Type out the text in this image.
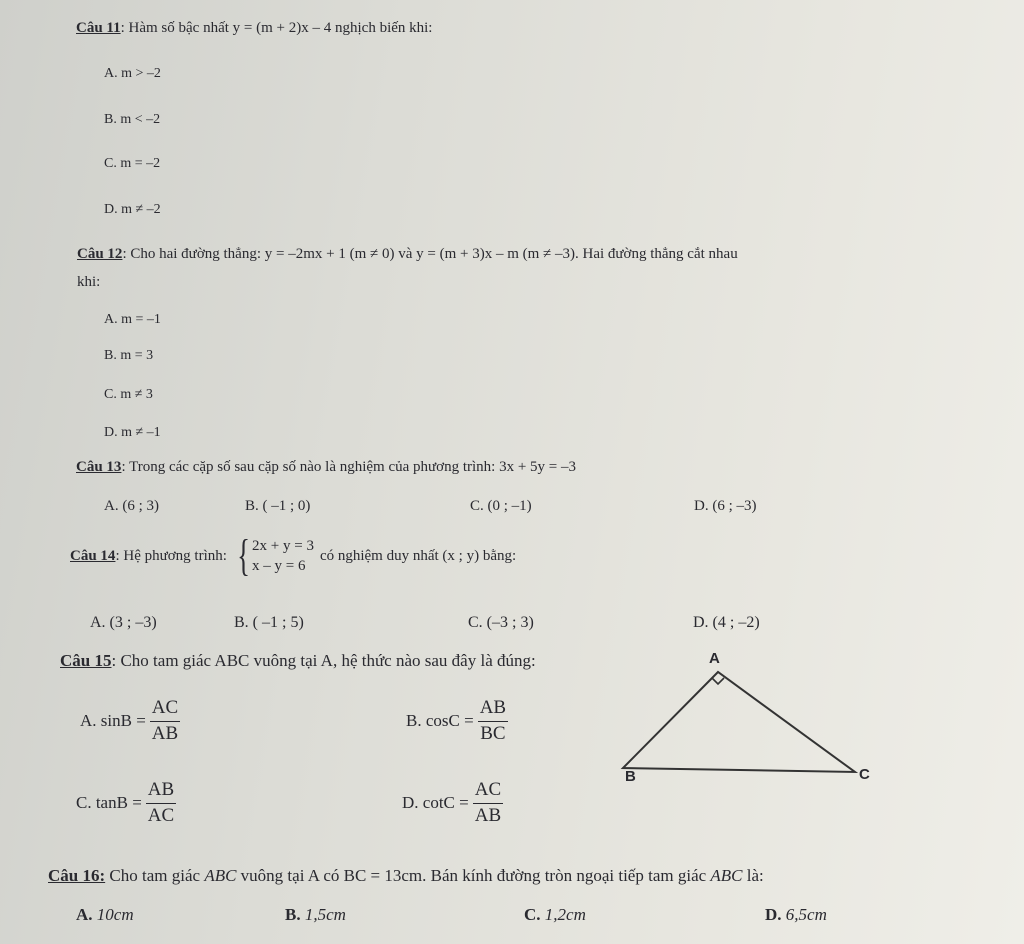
Câu 11: Hàm số bậc nhất y = (m + 2)x – 4 nghịch biến khi:
A. m > –2
B. m < –2
C. m = –2
D. m ≠ –2
Câu 12: Cho hai đường thẳng: y = –2mx + 1 (m ≠ 0) và y = (m + 3)x – m (m ≠ –3). Hai đường thẳng cắt nhau
khi:
A. m = –1
B. m = 3
C. m ≠ 3
D. m ≠ –1
Câu 13: Trong các cặp số sau cặp số nào là nghiệm của phương trình: 3x + 5y = –3
A. (6 ; 3)	B. ( –1 ; 0)	C. (0 ; –1)	D. (6 ; –3)
Câu 14 : Hệ phương trình: { 2x + y = 3
x – y = 6
có nghiệm duy nhất (x ; y) bằng:
A. (3 ; –3)	B. ( –1 ; 5)	C. (–3 ; 3)	D. (4 ; –2)
Câu 15: Cho tam giác ABC vuông tại A, hệ thức nào sau đây là đúng:
A. $\sin B = \frac{AC}{AB}$	B. $\cos C = \frac{AB}{BC}$
C. $\tan B = \frac{AB}{AC}$	D. $\cot C = \frac{AC}{AB}$
A
B	C
Câu 16: Cho tam giác ABC vuông tại A có BC = 13cm. Bán kính đường tròn ngoại tiếp tam giác ABC là:
A. 10cm	B. 1,5cm	C. 1,2cm	D. 6,5cm
